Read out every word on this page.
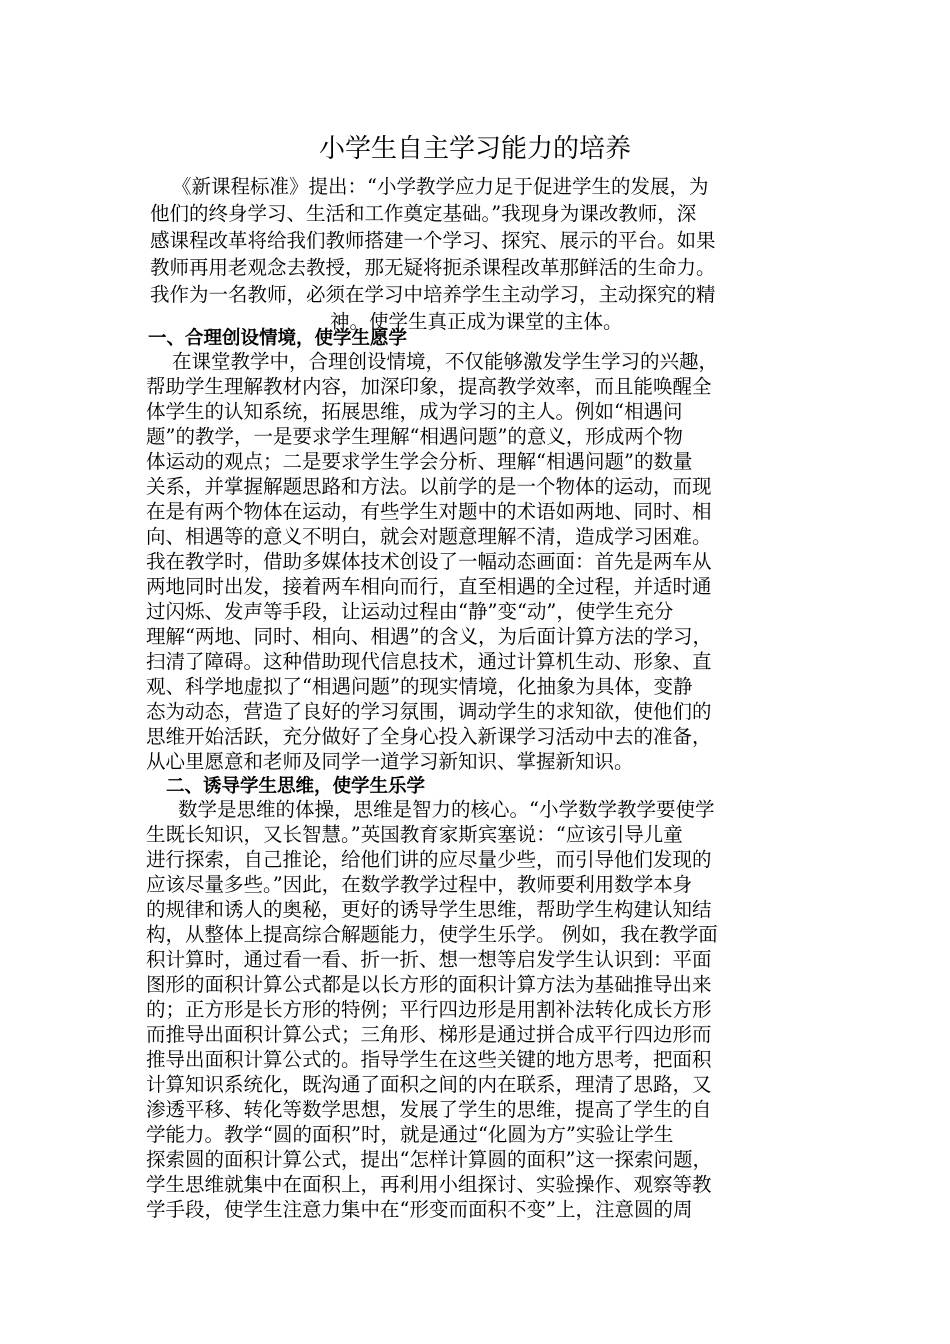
小学生自主学习能力的培养
《新课程标准》提出：“小学教学应力足于促进学生的发展，为
他们的终身学习、生活和工作奠定基础。”我现身为课改教师，深
感课程改革将给我们教师搭建一个学习、探究、展示的平台。如果
教师再用老观念去教授，那无疑将扼杀课程改革那鲜活的生命力。
我作为一名教师，必须在学习中培养学生主动学习，主动探究的精
神。使学生真正成为课堂的主体。
一、合理创设情境，使学生愿学
在课堂教学中，合理创设情境，不仅能够激发学生学习的兴趣，
帮助学生理解教材内容，加深印象，提高教学效率，而且能唤醒全
体学生的认知系统，拓展思维，成为学习的主人。例如“相遇问
题”的教学，一是要求学生理解“相遇问题”的意义，形成两个物
体运动的观点；二是要求学生学会分析、理解“相遇问题”的数量
关系，并掌握解题思路和方法。以前学的是一个物体的运动，而现
在是有两个物体在运动，有些学生对题中的术语如两地、同时、相
向、相遇等的意义不明白，就会对题意理解不清，造成学习困难。
我在教学时，借助多媒体技术创设了一幅动态画面：首先是两车从
两地同时出发，接着两车相向而行，直至相遇的全过程，并适时通
过闪烁、发声等手段，让运动过程由“静”变“动”，使学生充分
理解“两地、同时、相向、相遇”的含义，为后面计算方法的学习，
扫清了障碍。这种借助现代信息技术，通过计算机生动、形象、直
观、科学地虚拟了“相遇问题”的现实情境，化抽象为具体，变静
态为动态，营造了良好的学习氛围，调动学生的求知欲，使他们的
思维开始活跃，充分做好了全身心投入新课学习活动中去的准备，
从心里愿意和老师及同学一道学习新知识、掌握新知识。
二、诱导学生思维，使学生乐学
数学是思维的体操，思维是智力的核心。“小学数学教学要使学
生既长知识，又长智慧。”英国教育家斯宾塞说：“应该引导儿童
进行探索，自己推论，给他们讲的应尽量少些，而引导他们发现的
应该尽量多些。”因此，在数学教学过程中，教师要利用数学本身
的规律和诱人的奥秘，更好的诱导学生思维，帮助学生构建认知结
构，从整体上提高综合解题能力，使学生乐学。 例如，我在教学面
积计算时，通过看一看、折一折、想一想等启发学生认识到：平面
图形的面积计算公式都是以长方形的面积计算方法为基础推导出来
的；正方形是长方形的特例；平行四边形是用割补法转化成长方形
而推导出面积计算公式；三角形、梯形是通过拼合成平行四边形而
推导出面积计算公式的。指导学生在这些关键的地方思考，把面积
计算知识系统化，既沟通了面积之间的内在联系，理清了思路，又
渗透平移、转化等数学思想，发展了学生的思维，提高了学生的自
学能力。教学“圆的面积”时，就是通过“化圆为方”实验让学生
探索圆的面积计算公式，提出“怎样计算圆的面积”这一探索问题，
学生思维就集中在面积上，再利用小组探讨、实验操作、观察等教
学手段，使学生注意力集中在“形变而面积不变”上，注意圆的周
